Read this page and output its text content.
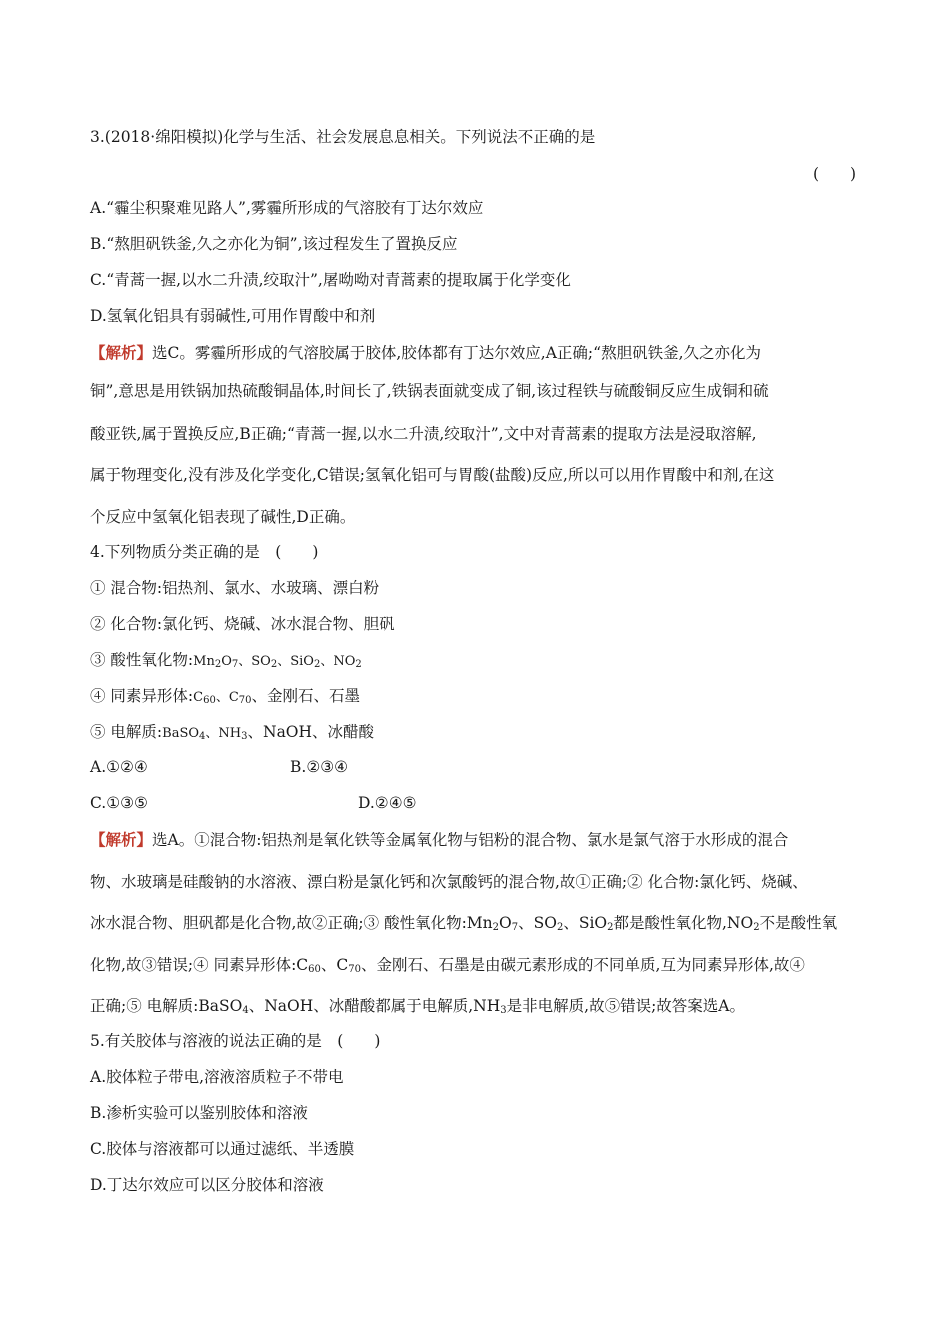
3.(2018·绵阳模拟)化学与生活、社会发展息息相关。下列说法不正确的是
(　　)
A.“霾尘积聚难见路人”,雾霾所形成的气溶胶有丁达尔效应
B.“熬胆矾铁釜,久之亦化为铜”,该过程发生了置换反应
C.“青蒿一握,以水二升渍,绞取汁”,屠呦呦对青蒿素的提取属于化学变化
D.氢氧化铝具有弱碱性,可用作胃酸中和剂
【解析】选C。雾霾所形成的气溶胶属于胶体,胶体都有丁达尔效应,A正确;“熬胆矾铁釜,久之亦化为
铜”,意思是用铁锅加热硫酸铜晶体,时间长了,铁锅表面就变成了铜,该过程铁与硫酸铜反应生成铜和硫
酸亚铁,属于置换反应,B正确;“青蒿一握,以水二升渍,绞取汁”,文中对青蒿素的提取方法是浸取溶解,
属于物理变化,没有涉及化学变化,C错误;氢氧化铝可与胃酸(盐酸)反应,所以可以用作胃酸中和剂,在这
个反应中氢氧化铝表现了碱性,D正确。
4.下列物质分类正确的是　(　　)
① 混合物:铝热剂、氯水、水玻璃、漂白粉
② 化合物:氯化钙、烧碱、冰水混合物、胆矾
③ 酸性氧化物$:Mn_2O_7$、$SO_2$、SiO$_2$、$NO_2$
④ 同素异形体$:C_{60}$、$C_{70}$、金刚石、石墨
⑤ 电解质:BaSO$_4$、$NH_3$、NaOH、冰醋酸
A.①②④	B.②③④
C.①③⑤	D.②④⑤
【解析】选A。①混合物:铝热剂是氧化铁等金属氧化物与铝粉的混合物、氯水是氯气溶于水形成的混合
物、水玻璃是硅酸钠的水溶液、漂白粉是氯化钙和次氯酸钙的混合物,故①正确;② 化合物:氯化钙、烧碱、
冰水混合物、胆矾都是化合物,故②正确;③ 酸性氧化物$:Mn_2O_7$、$SO_2$、SiO$_2$都是酸性氧化物$,NO_2$不是酸性氧
化物,故③错误;④ 同素异形体$:C_{60}$、$C_{70}$、金刚石、石墨是由碳元素形成的不同单质,互为同素异形体,故④
正确;⑤ 电解质:BaSO$_4$、NaOH、冰醋酸都属于电解质$,NH_3$是非电解质,故⑤错误;故答案选A。
5.有关胶体与溶液的说法正确的是　(　　)
A.胶体粒子带电,溶液溶质粒子不带电
B.渗析实验可以鉴别胶体和溶液
C.胶体与溶液都可以通过滤纸、半透膜
D.丁达尔效应可以区分胶体和溶液
